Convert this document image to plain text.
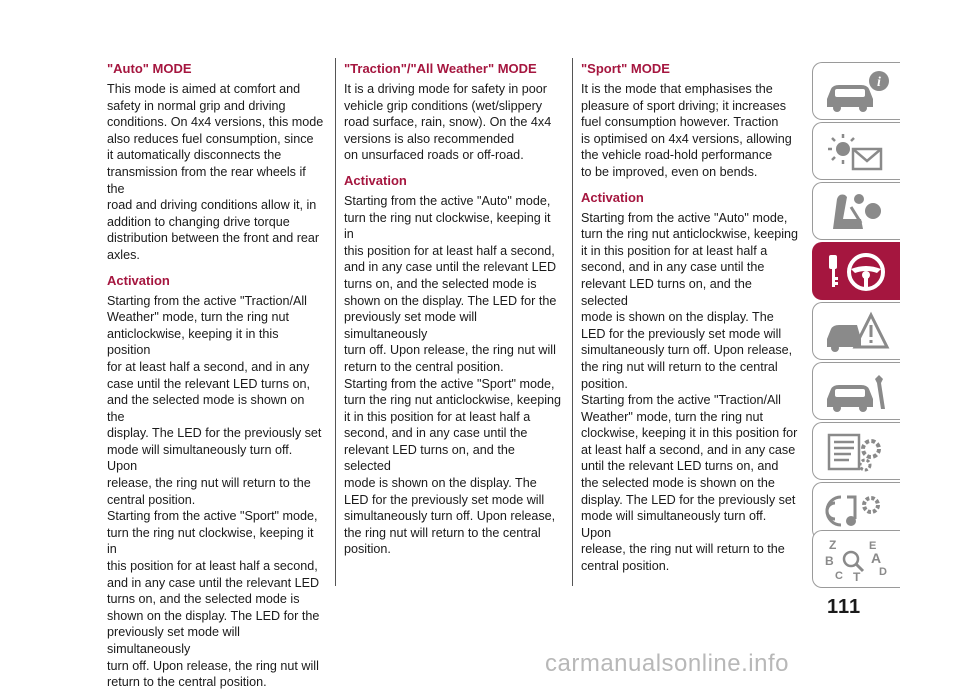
"Auto" MODE

This mode is aimed at comfort and
safety in normal grip and driving
conditions. On 4x4 versions, this mode
also reduces fuel consumption, since
it automatically disconnects the
transmission from the rear wheels if the
road and driving conditions allow it, in
addition to changing drive torque
distribution between the front and rear
axles.

Activation

Starting from the active "Traction/All
Weather" mode, turn the ring nut
anticlockwise, keeping it in this position
for at least half a second, and in any
case until the relevant LED turns on,
and the selected mode is shown on the
display. The LED for the previously set
mode will simultaneously turn off. Upon
release, the ring nut will return to the
central position.
Starting from the active "Sport" mode,
turn the ring nut clockwise, keeping it in
this position for at least half a second,
and in any case until the relevant LED
turns on, and the selected mode is
shown on the display. The LED for the
previously set mode will simultaneously
turn off. Upon release, the ring nut will
return to the central position.

"Traction"/"All Weather" MODE

It is a driving mode for safety in poor
vehicle grip conditions (wet/slippery
road surface, rain, snow). On the 4x4
versions is also recommended
on unsurfaced roads or off-road.

Activation

Starting from the active "Auto" mode,
turn the ring nut clockwise, keeping it in
this position for at least half a second,
and in any case until the relevant LED
turns on, and the selected mode is
shown on the display. The LED for the
previously set mode will simultaneously
turn off. Upon release, the ring nut will
return to the central position.
Starting from the active "Sport" mode,
turn the ring nut anticlockwise, keeping
it in this position for at least half a
second, and in any case until the
relevant LED turns on, and the selected
mode is shown on the display. The
LED for the previously set mode will
simultaneously turn off. Upon release,
the ring nut will return to the central
position.

"Sport" MODE

It is the mode that emphasises the
pleasure of sport driving; it increases
fuel consumption however. Traction
is optimised on 4x4 versions, allowing
the vehicle road-hold performance
to be improved, even on bends.

Activation

Starting from the active "Auto" mode,
turn the ring nut anticlockwise, keeping
it in this position for at least half a
second, and in any case until the
relevant LED turns on, and the selected
mode is shown on the display. The
LED for the previously set mode will
simultaneously turn off. Upon release,
the ring nut will return to the central
position.
Starting from the active "Traction/All
Weather" mode, turn the ring nut
clockwise, keeping it in this position for
at least half a second, and in any case
until the relevant LED turns on, and
the selected mode is shown on the
display. The LED for the previously set
mode will simultaneously turn off. Upon
release, the ring nut will return to the
central position.

i
Z	E
B	A
C	D
T
111
carmanualsonline.info
